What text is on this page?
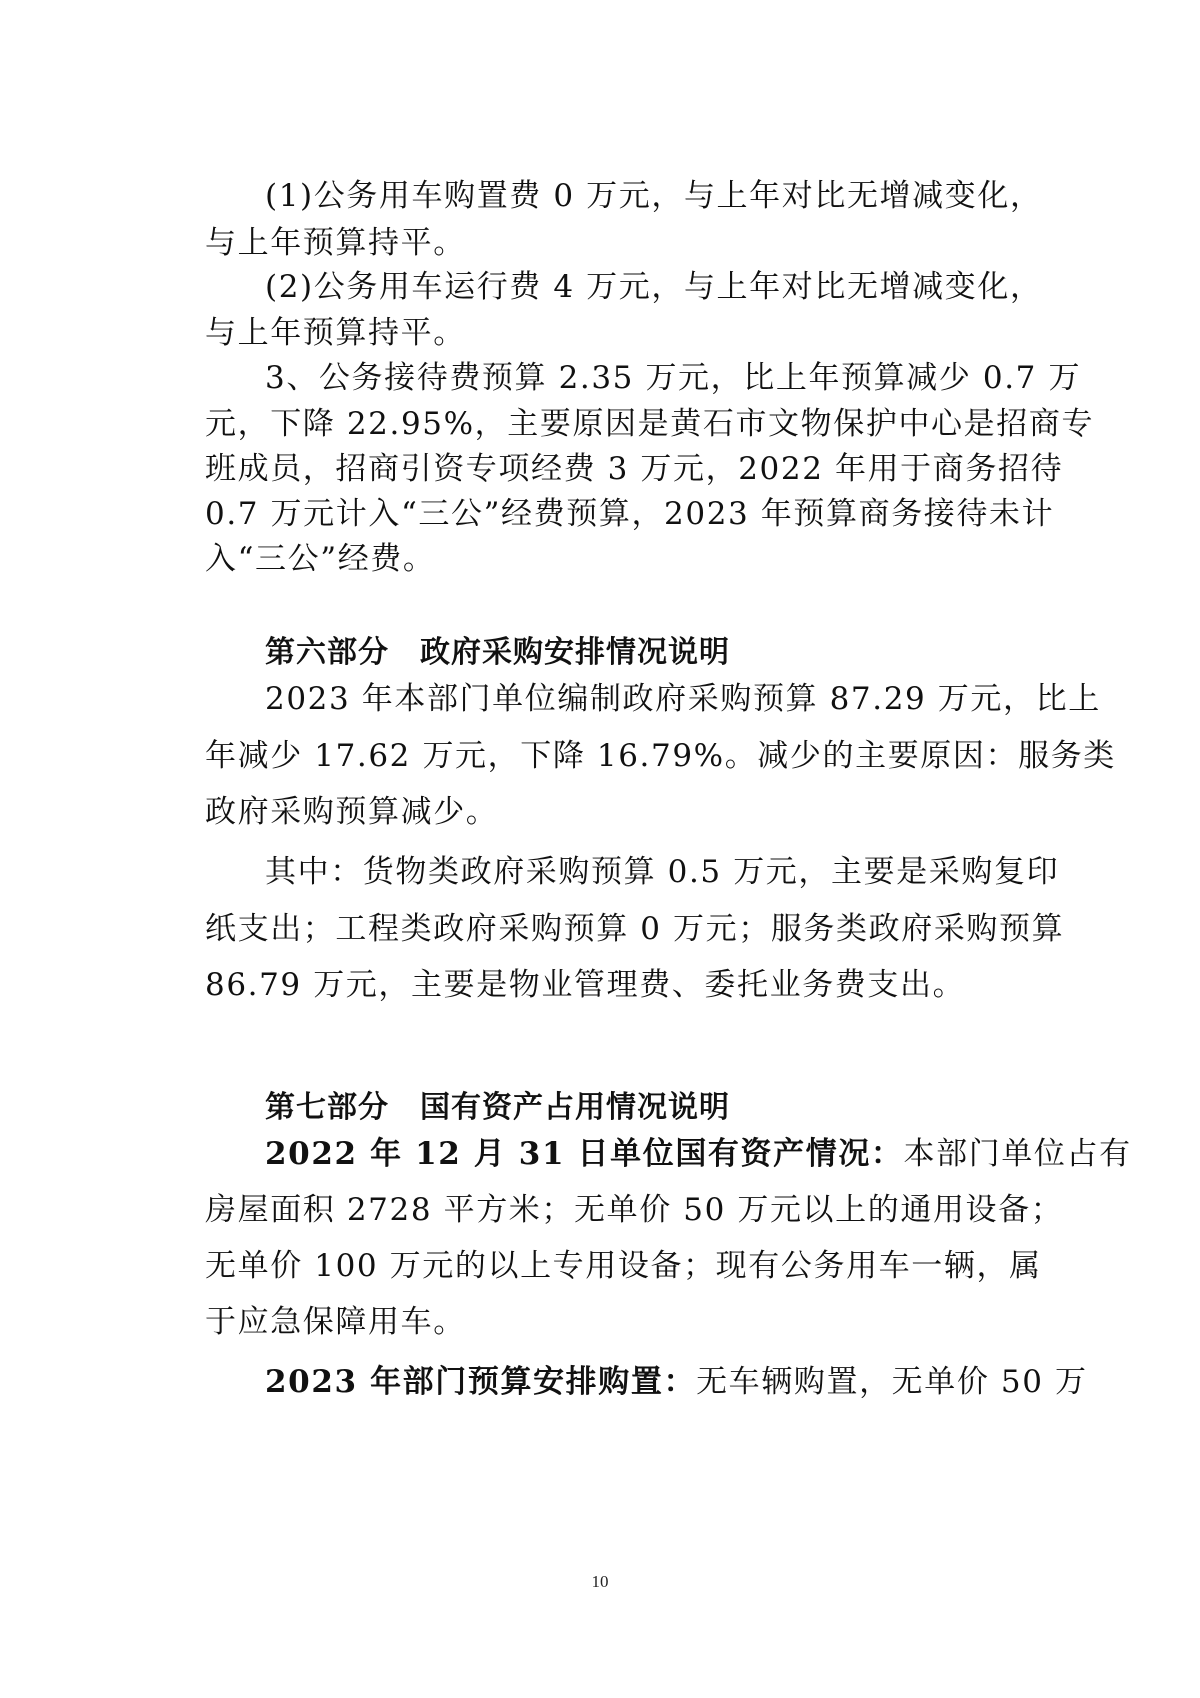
(1)公务用车购置费 0 万元，与上年对比无增减变化，
与上年预算持平。
(2)公务用车运行费 4 万元，与上年对比无增减变化，
与上年预算持平。
3、公务接待费预算 2.35 万元，比上年预算减少 0.7 万
元，下降 22.95%，主要原因是黄石市文物保护中心是招商专
班成员，招商引资专项经费 3 万元，2022 年用于商务招待
0.7 万元计入“三公”经费预算，2023 年预算商务接待未计
入“三公”经费。
第六部分　政府采购安排情况说明
2023 年本部门单位编制政府采购预算 87.29 万元，比上
年减少 17.62 万元，下降 16.79%。减少的主要原因：服务类
政府采购预算减少。
其中：货物类政府采购预算 0.5 万元，主要是采购复印
纸支出；工程类政府采购预算 0 万元；服务类政府采购预算
86.79 万元，主要是物业管理费、委托业务费支出。
第七部分　国有资产占用情况说明
2022 年 12 月 31 日单位国有资产情况：本部门单位占有
房屋面积 2728 平方米；无单价 50 万元以上的通用设备；
无单价 100 万元的以上专用设备；现有公务用车一辆，属
于应急保障用车。
2023 年部门预算安排购置：无车辆购置，无单价 50 万
10
